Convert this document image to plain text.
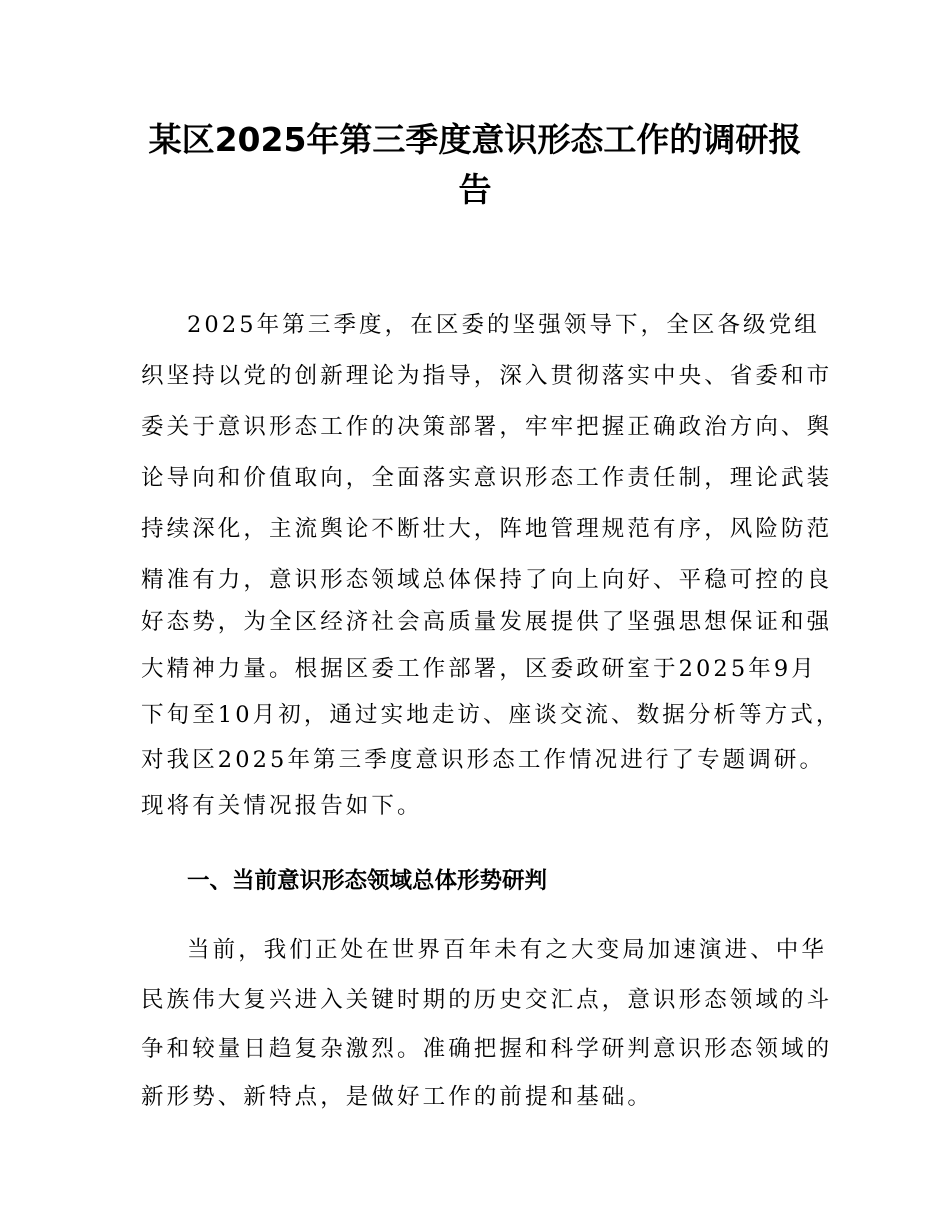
某区2025年第三季度意识形态工作的调研报
告
2025年第三季度，在区委的坚强领导下，全区各级党组
织坚持以党的创新理论为指导，深入贯彻落实中央、省委和市
委关于意识形态工作的决策部署，牢牢把握正确政治方向、舆
论导向和价值取向，全面落实意识形态工作责任制，理论武装
持续深化，主流舆论不断壮大，阵地管理规范有序，风险防范
精准有力，意识形态领域总体保持了向上向好、平稳可控的良
好态势，为全区经济社会高质量发展提供了坚强思想保证和强
大精神力量。根据区委工作部署，区委政研室于2025年9月
下旬至10月初，通过实地走访、座谈交流、数据分析等方式，
对我区2025年第三季度意识形态工作情况进行了专题调研。
现将有关情况报告如下。
一、当前意识形态领域总体形势研判
当前，我们正处在世界百年未有之大变局加速演进、中华
民族伟大复兴进入关键时期的历史交汇点，意识形态领域的斗
争和较量日趋复杂激烈。准确把握和科学研判意识形态领域的
新形势、新特点，是做好工作的前提和基础。
